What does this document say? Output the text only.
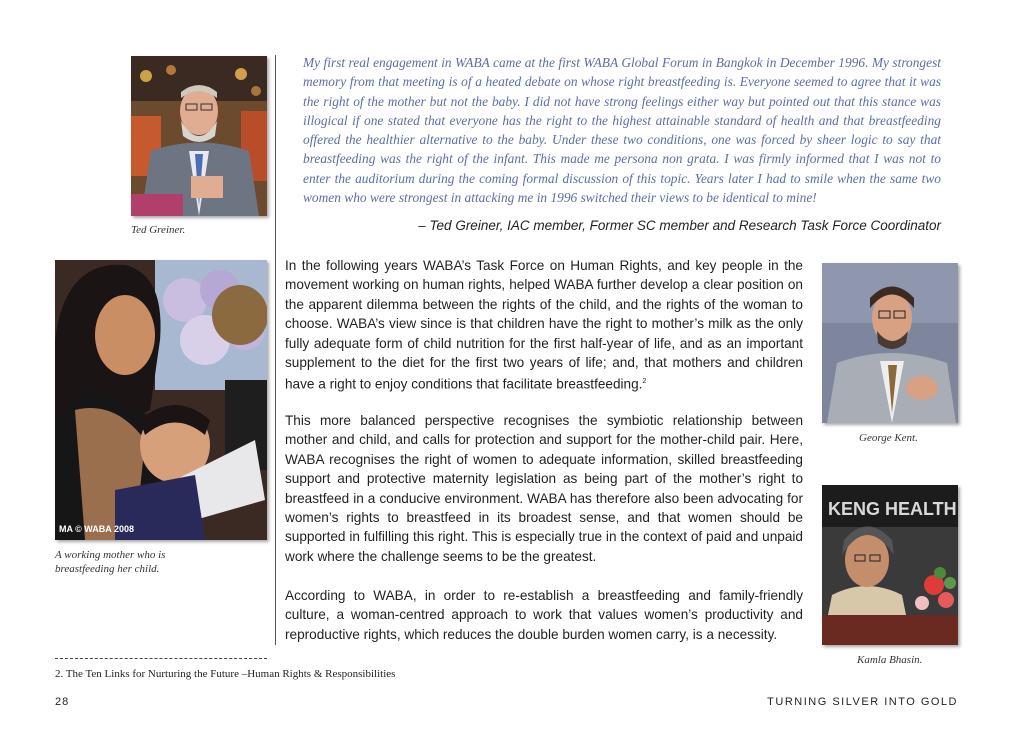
Ted Greiner.
MA © WABA 2008
A working mother who is breastfeeding her child.
My first real engagement in WABA came at the first WABA Global Forum in Bangkok in December 1996. My strongest memory from that meeting is of a heated debate on whose right breastfeeding is. Everyone seemed to agree that it was the right of the mother but not the baby. I did not have strong feelings either way but pointed out that this stance was illogical if one stated that everyone has the right to the highest attainable standard of health and that breastfeeding offered the healthier alternative to the baby. Under these two conditions, one was forced by sheer logic to say that breastfeeding was the right of the infant. This made me persona non grata. I was firmly informed that I was not to enter the auditorium during the coming formal discussion of this topic. Years later I had to smile when the same two women who were strongest in attacking me in 1996 switched their views to be identical to mine!
– Ted Greiner, IAC member, Former SC member and Research Task Force Coordinator
In the following years WABA’s Task Force on Human Rights, and key people in the movement working on human rights, helped WABA further develop a clear position on the apparent dilemma between the rights of the child, and the rights of the woman to choose. WABA’s view since is that children have the right to mother’s milk as the only fully adequate form of child nutrition for the first half-year of life, and as an important supplement to the diet for the first two years of life; and, that mothers and children have a right to enjoy conditions that facilitate breastfeeding.$^2$
This more balanced perspective recognises the symbiotic relationship between mother and child, and calls for protection and support for the mother-child pair. Here, WABA recognises the right of women to adequate information, skilled breastfeeding support and protective maternity legislation as being part of the mother’s right to breastfeed in a conducive environment. WABA has therefore also been advocating for women’s rights to breastfeed in its broadest sense, and that women should be supported in fulfilling this right. This is especially true in the context of paid and unpaid work where the challenge seems to be the greatest.
According to WABA, in order to re-establish a breastfeeding and family-friendly culture, a woman-centred approach to work that values women’s productivity and reproductive rights, which reduces the double burden women carry, is a necessity.
George Kent.
KENG HEALTH
Kamla Bhasin.
2. The Ten Links for Nurturing the Future –Human Rights & Responsibilities
28	TURNING SILVER INTO GOLD
